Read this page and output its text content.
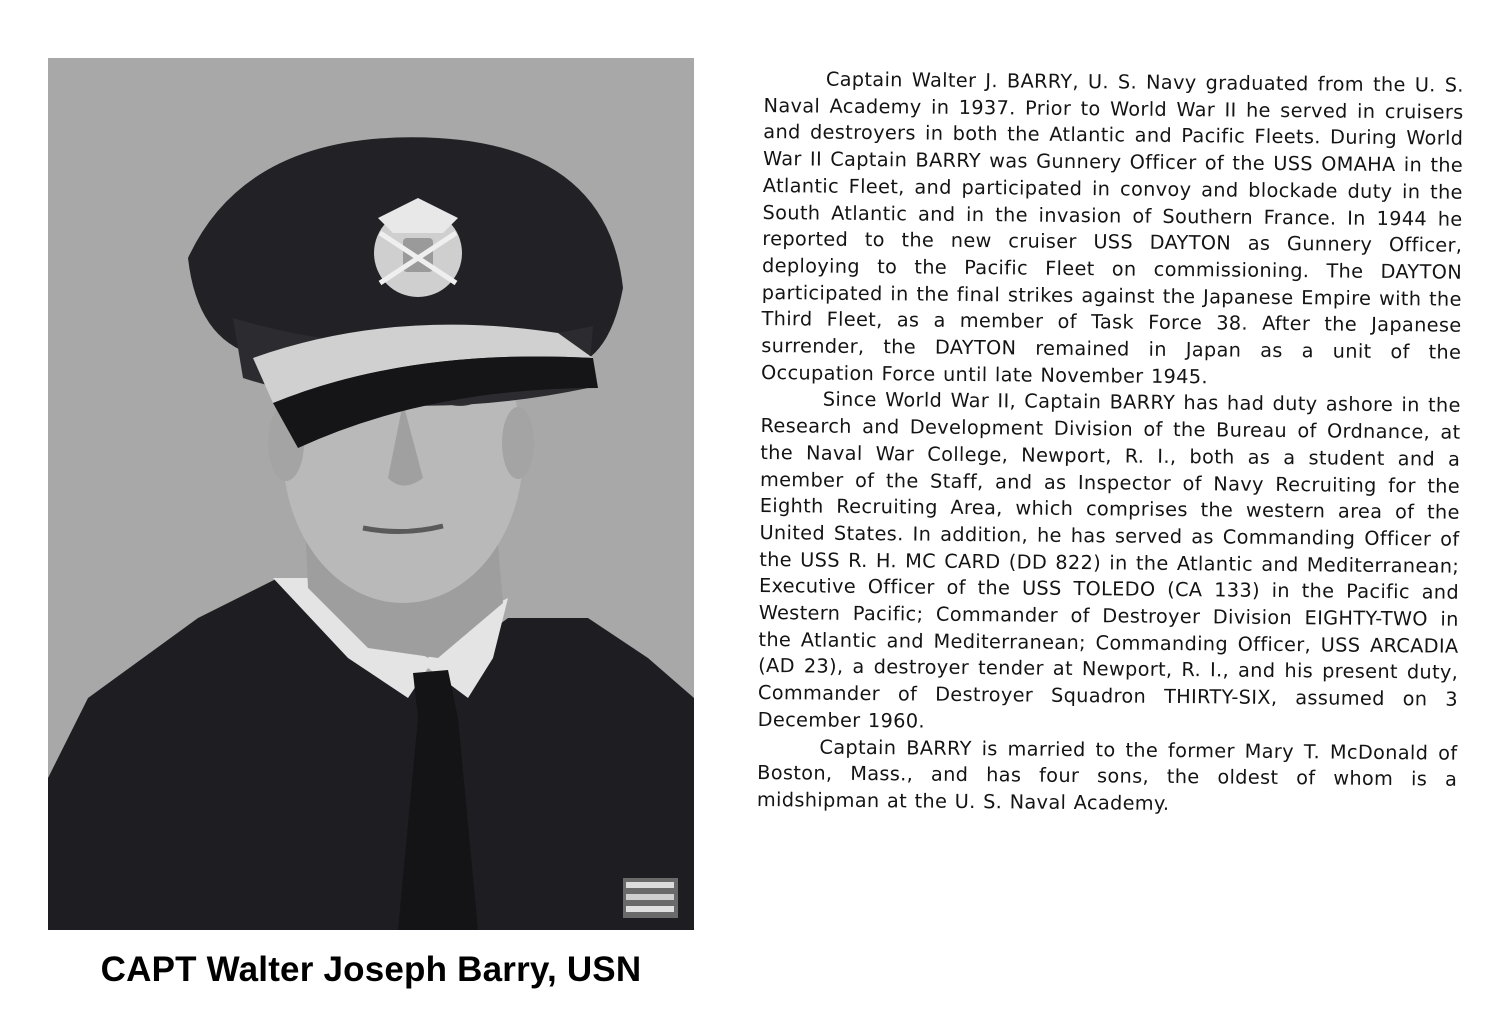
CAPT Walter Joseph Barry, USN

Captain Walter J. BARRY, U. S. Navy graduated from the U. S. Naval Academy in 1937. Prior to World War II he served in cruisers and destroyers in both the Atlantic and Pacific Fleets. During World War II Captain BARRY was Gunnery Officer of the USS OMAHA in the Atlantic Fleet, and participated in convoy and blockade duty in the South Atlantic and in the invasion of Southern France. In 1944 he reported to the new cruiser USS DAYTON as Gunnery Officer, deploying to the Pacific Fleet on commissioning. The DAYTON participated in the final strikes against the Japanese Empire with the Third Fleet, as a member of Task Force 38. After the Japanese surrender, the DAYTON remained in Japan as a unit of the Occupation Force until late November 1945.

Since World War II, Captain BARRY has had duty ashore in the Research and Development Division of the Bureau of Ordnance, at the Naval War College, Newport, R. I., both as a student and a member of the Staff, and as Inspector of Navy Recruiting for the Eighth Recruiting Area, which comprises the western area of the United States. In addition, he has served as Commanding Officer of the USS R. H. MC CARD (DD 822) in the Atlantic and Mediterranean; Executive Officer of the USS TOLEDO (CA 133) in the Pacific and Western Pacific; Commander of Destroyer Division EIGHTY-TWO in the Atlantic and Mediterranean; Commanding Officer, USS ARCADIA (AD 23), a destroyer tender at Newport, R. I., and his present duty, Commander of Destroyer Squadron THIRTY-SIX, assumed on 3 December 1960.

Captain BARRY is married to the former Mary T. McDonald of Boston, Mass., and has four sons, the oldest of whom is a midshipman at the U. S. Naval Academy.
